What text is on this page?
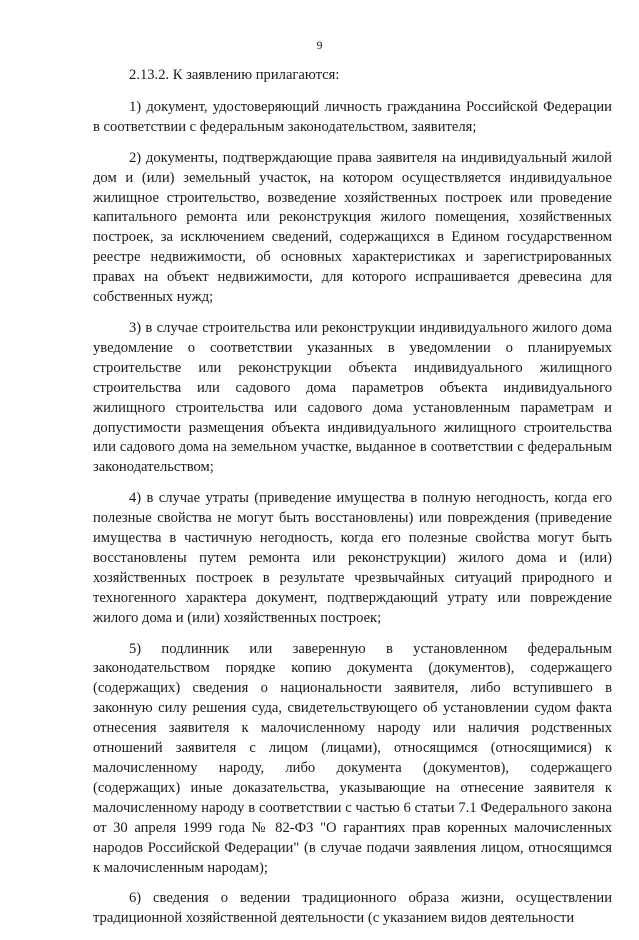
9

2.13.2. К заявлению прилагаются:

1) документ, удостоверяющий личность гражданина Российской Федерации в соответствии с федеральным законодательством, заявителя;

2) документы, подтверждающие права заявителя на индивидуальный жилой дом и (или) земельный участок, на котором осуществляется индивидуальное жилищное строительство, возведение хозяйственных построек или проведение капитального ремонта или реконструкция жилого помещения, хозяйственных построек, за исключением сведений, содержащихся в Едином государственном реестре недвижимости, об основных характеристиках и зарегистрированных правах на объект недвижимости, для которого испрашивается древесина для собственных нужд;

3) в случае строительства или реконструкции индивидуального жилого дома уведомление о соответствии указанных в уведомлении о планируемых строительстве или реконструкции объекта индивидуального жилищного строительства или садового дома параметров объекта индивидуального жилищного строительства или садового дома установленным параметрам и допустимости размещения объекта индивидуального жилищного строительства или садового дома на земельном участке, выданное в соответствии с федеральным законодательством;

4) в случае утраты (приведение имущества в полную негодность, когда его полезные свойства не могут быть восстановлены) или повреждения (приведение имущества в частичную негодность, когда его полезные свойства могут быть восстановлены путем ремонта или реконструкции) жилого дома и (или) хозяйственных построек в результате чрезвычайных ситуаций природного и техногенного характера документ, подтверждающий утрату или повреждение жилого дома и (или) хозяйственных построек;

5) подлинник или заверенную в установленном федеральным законодательством порядке копию документа (документов), содержащего (содержащих) сведения о национальности заявителя, либо вступившего в законную силу решения суда, свидетельствующего об установлении судом факта отнесения заявителя к малочисленному народу или наличия родственных отношений заявителя с лицом (лицами), относящимся (относящимися) к малочисленному народу, либо документа (документов), содержащего (содержащих) иные доказательства, указывающие на отнесение заявителя к малочисленному народу в соответствии с частью 6 статьи 7.1 Федерального закона от 30 апреля 1999 года № 82-ФЗ "О гарантиях прав коренных малочисленных народов Российской Федерации" (в случае подачи заявления лицом, относящимся к малочисленным народам);

6) сведения о ведении традиционного образа жизни, осуществлении традиционной хозяйственной деятельности (с указанием видов деятельности
